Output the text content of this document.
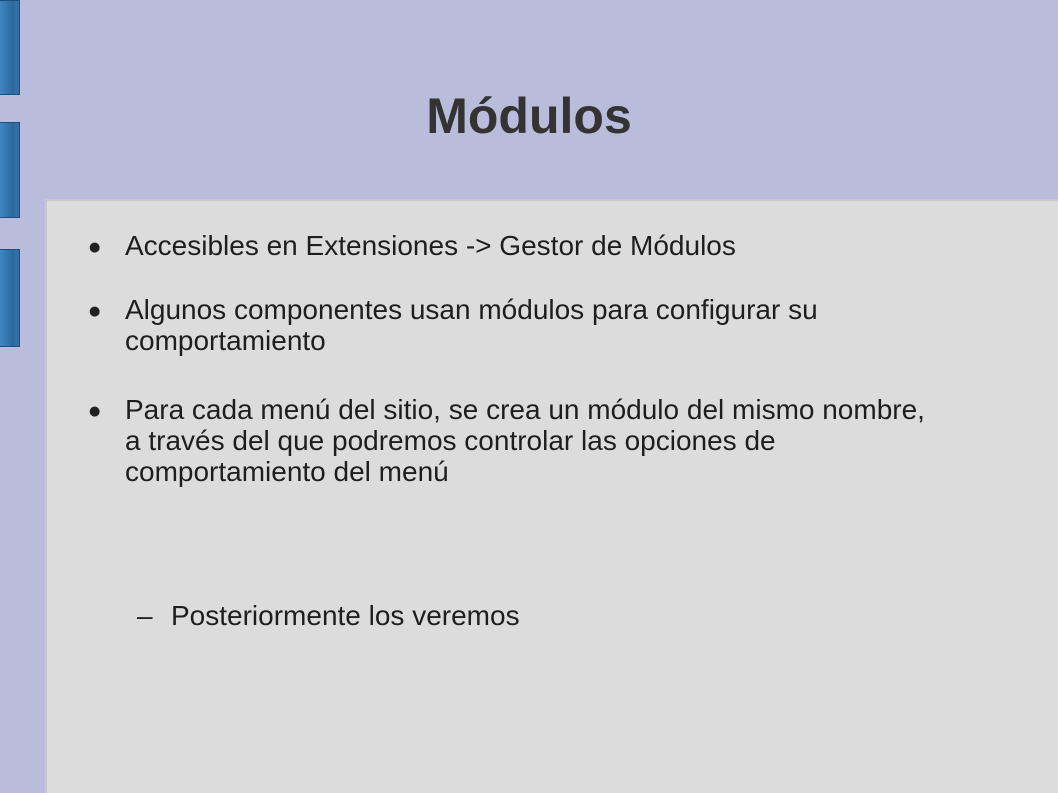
Módulos
● Accesibles en Extensiones -> Gestor de Módulos
● Algunos componentes usan módulos para configurar su comportamiento
● Para cada menú del sitio, se crea un módulo del mismo nombre, a través del que podremos controlar las opciones de comportamiento del menú
– Posteriormente los veremos
